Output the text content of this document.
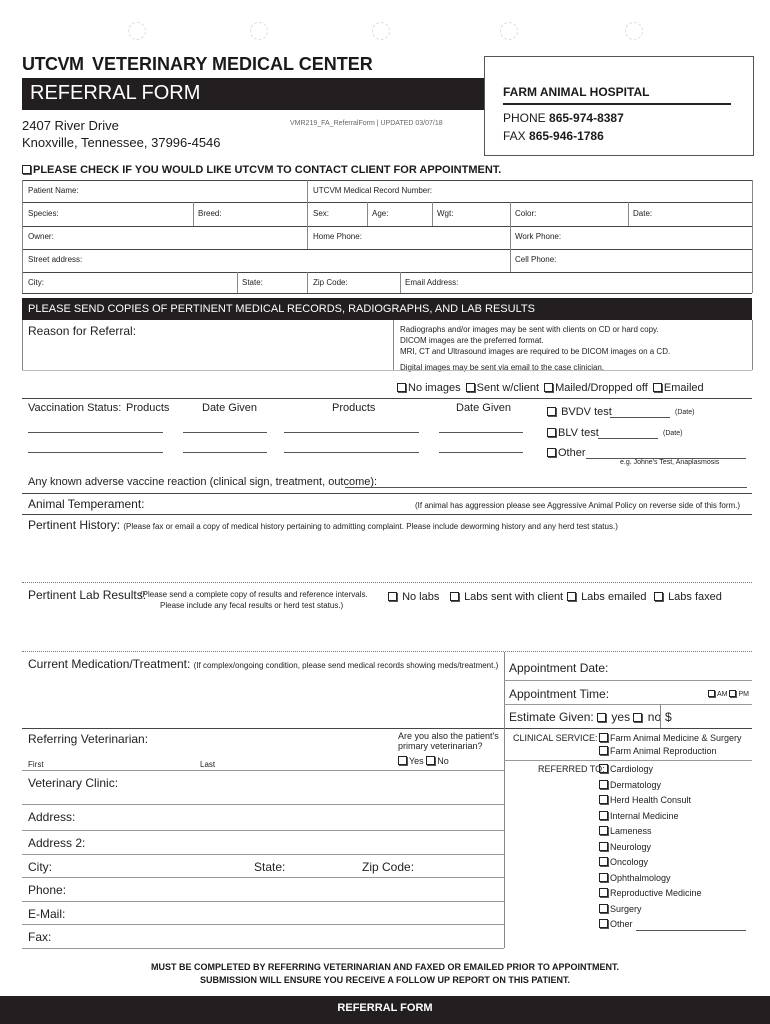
UTCVM VETERINARY MEDICAL CENTER
REFERRAL FORM	FARM ANIMAL HOSPITAL
PHONE 865-974-8387
FAX 865-946-1786
2407 River Drive
Knoxville, Tennessee, 37996-4546
VMR219_FA_ReferralForm | UPDATED 03/07/18
PLEASE CHECK IF YOU WOULD LIKE UTCVM TO CONTACT CLIENT FOR APPOINTMENT.
Patient Name:	UTCVM Medical Record Number:
Species:	Breed:	Sex:	Age:	Wgt:	Color:	Date:
Owner:	Home Phone:	Work Phone:
Street address:	Cell Phone:
City:	State:	Zip Code:	Email Address:
PLEASE SEND COPIES OF PERTINENT MEDICAL RECORDS, RADIOGRAPHS, AND LAB RESULTS
Reason for Referral:	Radiographs and/or images may be sent with clients on CD or hard copy.
DICOM images are the preferred format.
MRI, CT and Ultrasound images are required to be DICOM images on a CD.
Digital images may be sent via email to the case clinician.
No images Sent w/client Mailed/Dropped off Emailed
Vaccination Status: Products	Date Given	Products	Date Given	BVDV test	(Date)
BLV test	(Date)
Other
e.g. Johne's Test, Anaplasmosis
Any known adverse vaccine reaction (clinical sign, treatment, outcome):
Animal Temperament:	(If animal has aggression please see Aggressive Animal Policy on reverse side of this form.)
Pertinent History: (Please fax or email a copy of medical history pertaining to admitting complaint. Please include deworming history and any herd test status.)
Pertinent Lab Results:
(Please send a complete copy of results and reference intervals.
Please include any fecal results or herd test status.)
No labs	Labs sent with client	Labs emailed	Labs faxed
Current Medication/Treatment: (If complex/ongoing condition, please send medical records showing meds/treatment.) Appointment Date:
Appointment Time:	AM PM
Estimate Given: yes no $
Referring Veterinarian:	Are you also the patient's
primary veterinarian?
Yes No
First	Last
Veterinary Clinic:
Address:
Address 2:
City:	State:	Zip Code:
Phone:
E-Mail:
Fax:
CLINICAL SERVICE:	Farm Animal Medicine & Surgery
Farm Animal Reproduction
REFERRED TO: Cardiology
Dermatology
Herd Health Consult
Internal Medicine
Lameness
Neurology
Oncology
Ophthalmology
Reproductive Medicine
Surgery
Other
MUST BE COMPLETED BY REFERRING VETERINARIAN AND FAXED OR EMAILED PRIOR TO APPOINTMENT.
SUBMISSION WILL ENSURE YOU RECEIVE A FOLLOW UP REPORT ON THIS PATIENT.
REFERRAL FORM
